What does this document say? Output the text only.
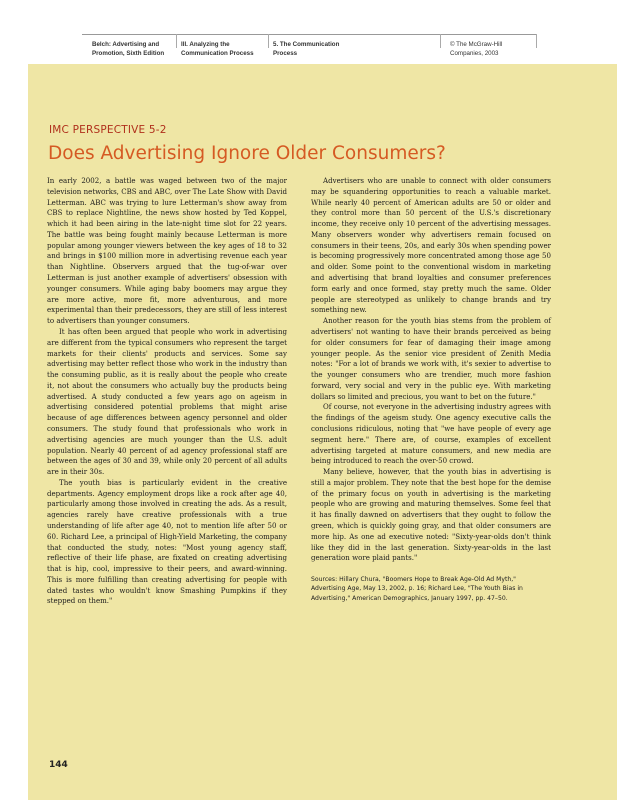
Belch: Advertising and
Promotion, Sixth Edition
III. Analyzing the
Communication Process
5. The Communication
Process
© The McGraw-Hill
Companies, 2003
IMC PERSPECTIVE 5-2
Does Advertising Ignore Older Consumers?

In early 2002, a battle was waged between two of the major television networks, CBS and ABC, over The Late Show with David Letterman. ABC was trying to lure Letterman's show away from CBS to replace Nightline, the news show hosted by Ted Koppel, which it had been airing in the late-night time slot for 22 years. The battle was being fought mainly because Letterman is more popular among younger viewers between the key ages of 18 to 32 and brings in $100 million more in advertising revenue each year than Nightline. Observers argued that the tug-of-war over Letterman is just another example of advertisers' obsession with younger consumers. While aging baby boomers may argue they are more active, more fit, more adventurous, and more experimental than their predecessors, they are still of less interest to advertisers than younger consumers.

It has often been argued that people who work in advertising are different from the typical consumers who represent the target markets for their clients' products and services. Some say advertising may better reflect those who work in the industry than the consuming public, as it is really about the people who create it, not about the consumers who actually buy the products being advertised. A study conducted a few years ago on ageism in advertising considered potential problems that might arise because of age differences between agency personnel and older consumers. The study found that professionals who work in advertising agencies are much younger than the U.S. adult population. Nearly 40 percent of ad agency professional staff are between the ages of 30 and 39, while only 20 percent of all adults are in their 30s.

The youth bias is particularly evident in the creative departments. Agency employment drops like a rock after age 40, particularly among those involved in creating the ads. As a result, agencies rarely have creative professionals with a true understanding of life after age 40, not to mention life after 50 or 60. Richard Lee, a principal of High-Yield Marketing, the company that conducted the study, notes: "Most young agency staff, reflective of their life phase, are fixated on creating advertising that is hip, cool, impressive to their peers, and award-winning. This is more fulfilling than creating advertising for people with dated tastes who wouldn't know Smashing Pumpkins if they stepped on them."

Advertisers who are unable to connect with older consumers may be squandering opportunities to reach a valuable market. While nearly 40 percent of American adults are 50 or older and they control more than 50 percent of the U.S.'s discretionary income, they receive only 10 percent of the advertising messages. Many observers wonder why advertisers remain focused on consumers in their teens, 20s, and early 30s when spending power is becoming progressively more concentrated among those age 50 and older. Some point to the conventional wisdom in marketing and advertising that brand loyalties and consumer preferences form early and once formed, stay pretty much the same. Older people are stereotyped as unlikely to change brands and try something new.

Another reason for the youth bias stems from the problem of advertisers' not wanting to have their brands perceived as being for older consumers for fear of damaging their image among younger people. As the senior vice president of Zenith Media notes: "For a lot of brands we work with, it's sexier to advertise to the younger consumers who are trendier, much more fashion forward, very social and very in the public eye. With marketing dollars so limited and precious, you want to bet on the future."

Of course, not everyone in the advertising industry agrees with the findings of the ageism study. One agency executive calls the conclusions ridiculous, noting that "we have people of every age segment here." There are, of course, examples of excellent advertising targeted at mature consumers, and new media are being introduced to reach the over-50 crowd.

Many believe, however, that the youth bias in advertising is still a major problem. They note that the best hope for the demise of the primary focus on youth in advertising is the marketing people who are growing and maturing themselves. Some feel that it has finally dawned on advertisers that they ought to follow the green, which is quickly going gray, and that older consumers are more hip. As one ad executive noted: "Sixty-year-olds don't think like they did in the last generation. Sixty-year-olds in the last generation wore plaid pants."

Sources: Hillary Chura, "Boomers Hope to Break Age-Old Ad Myth," Advertising Age, May 13, 2002, p. 16; Richard Lee, "The Youth Bias in Advertising," American Demographics, January 1997, pp. 47–50.

144
